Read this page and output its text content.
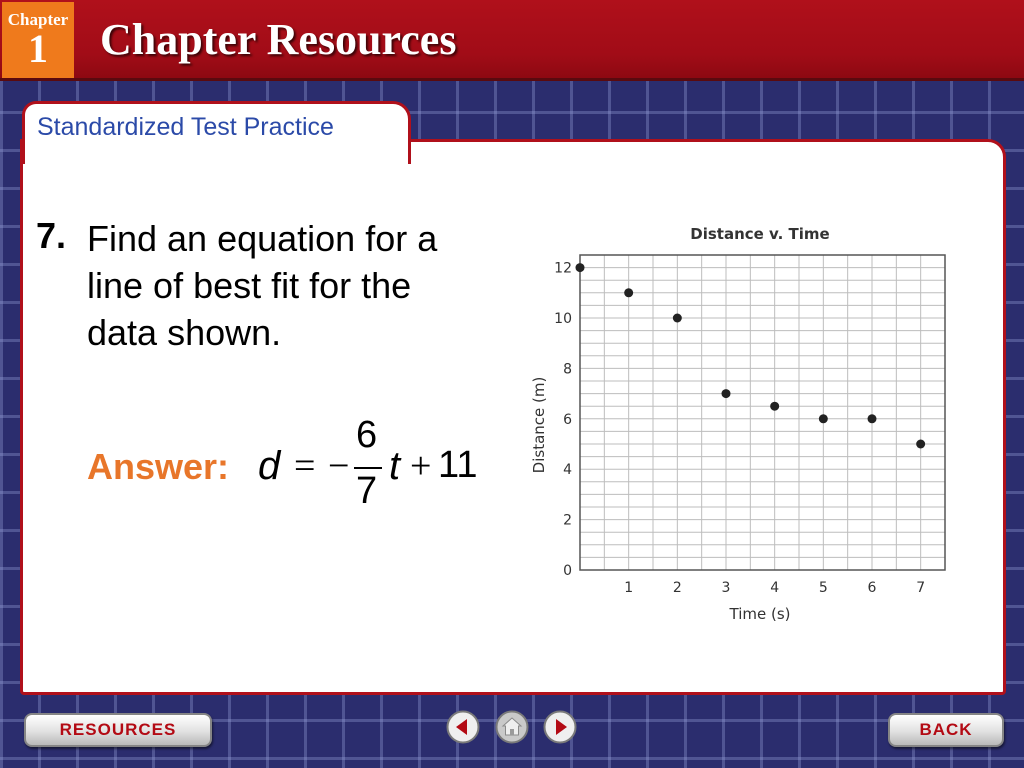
Chapter
1	Chapter Resources
Standardized Test Practice
7. Find an equation for a line of best fit for the data shown.
Answer: d = −
6
7
t + 11
Distance v. Time
1	2	3	4	5	6	7
0
2
4
6
8
10
12
Time (s)
Distance (m)
RESOURCES	BACK
